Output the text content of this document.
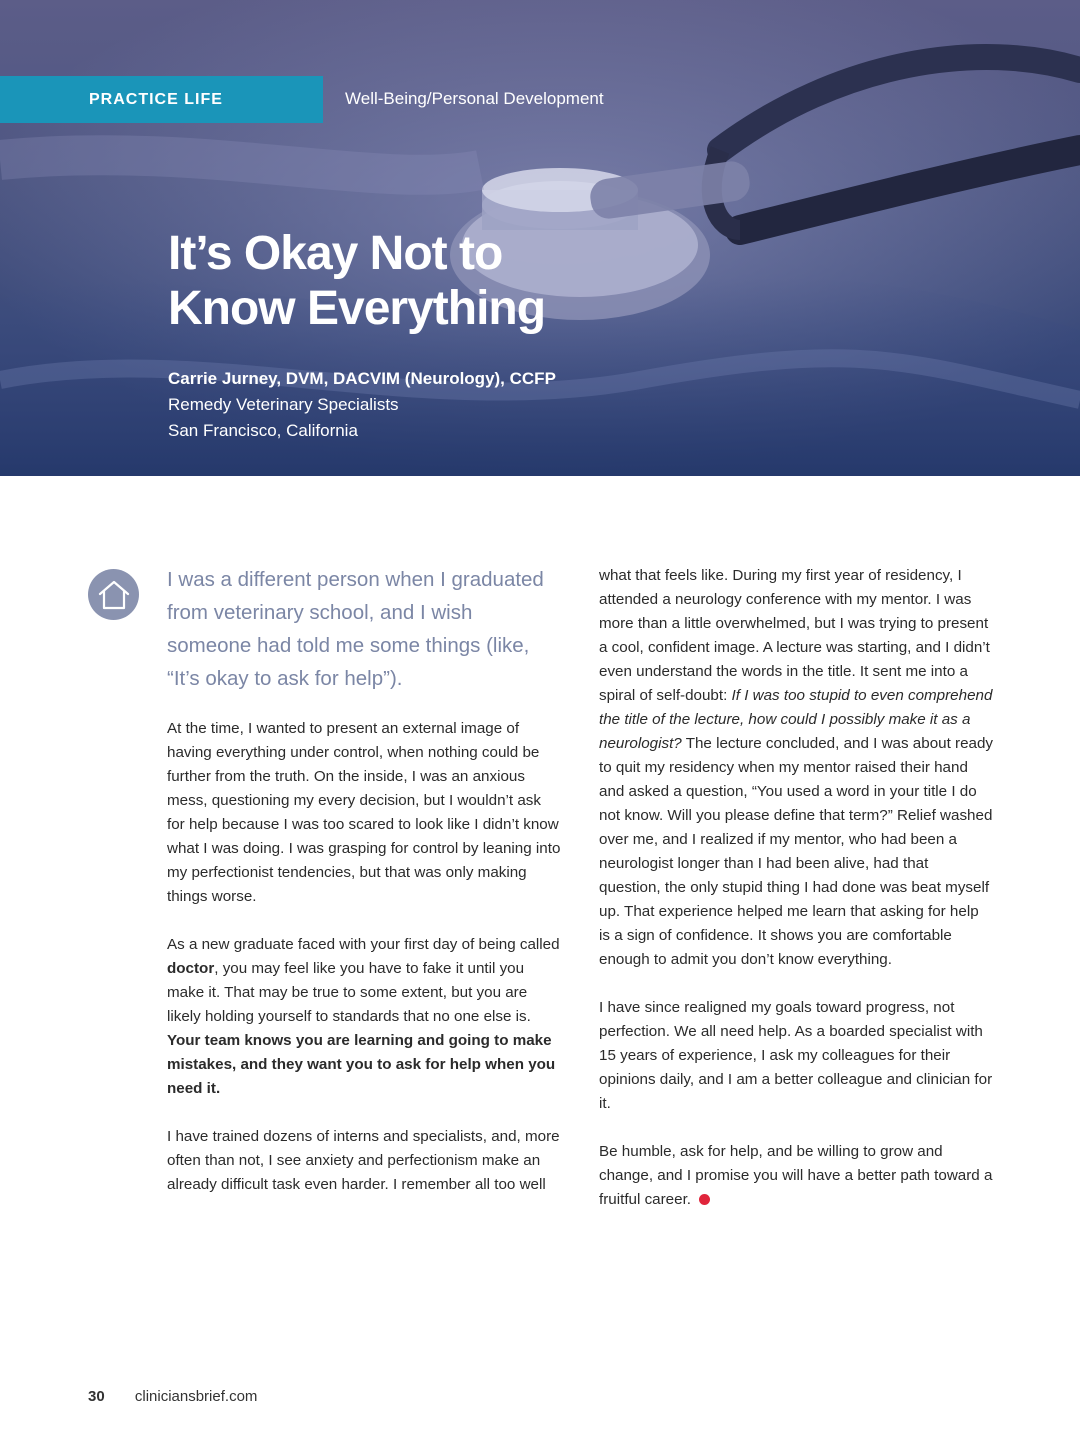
PRACTICE LIFE	Well-Being/Personal Development
It’s Okay Not to
Know Everything
Carrie Jurney, DVM, DACVIM (Neurology), CCFP
Remedy Veterinary Specialists
San Francisco, California

I was a different person when I graduated from veterinary school, and I wish someone had told me some things (like, “It’s okay to ask for help”).

At the time, I wanted to present an external image of having everything under control, when nothing could be further from the truth. On the inside, I was an anxious mess, questioning my every decision, but I wouldn’t ask for help because I was too scared to look like I didn’t know what I was doing. I was grasping for control by leaning into my perfectionist tendencies, but that was only making things worse.

As a new graduate faced with your first day of being called doctor, you may feel like you have to fake it until you make it. That may be true to some extent, but you are likely holding yourself to standards that no one else is. Your team knows you are learning and going to make mistakes, and they want you to ask for help when you need it.

I have trained dozens of interns and specialists, and, more often than not, I see anxiety and perfectionism make an already difficult task even harder. I remember all too well

what that feels like. During my first year of residency, I attended a neurology conference with my mentor. I was more than a little overwhelmed, but I was trying to present a cool, confident image. A lecture was starting, and I didn’t even understand the words in the title. It sent me into a spiral of self-doubt: If I was too stupid to even comprehend the title of the lecture, how could I possibly make it as a neurologist? The lecture concluded, and I was about ready to quit my residency when my mentor raised their hand and asked a question, “You used a word in your title I do not know. Will you please define that term?” Relief washed over me, and I realized if my mentor, who had been a neurologist longer than I had been alive, had that question, the only stupid thing I had done was beat myself up. That experience helped me learn that asking for help is a sign of confidence. It shows you are comfortable enough to admit you don’t know everything.

I have since realigned my goals toward progress, not perfection. We all need help. As a boarded specialist with 15 years of experience, I ask my colleagues for their opinions daily, and I am a better colleague and clinician for it.

Be humble, ask for help, and be willing to grow and change, and I promise you will have a better path toward a fruitful career.

30 cliniciansbrief.com
